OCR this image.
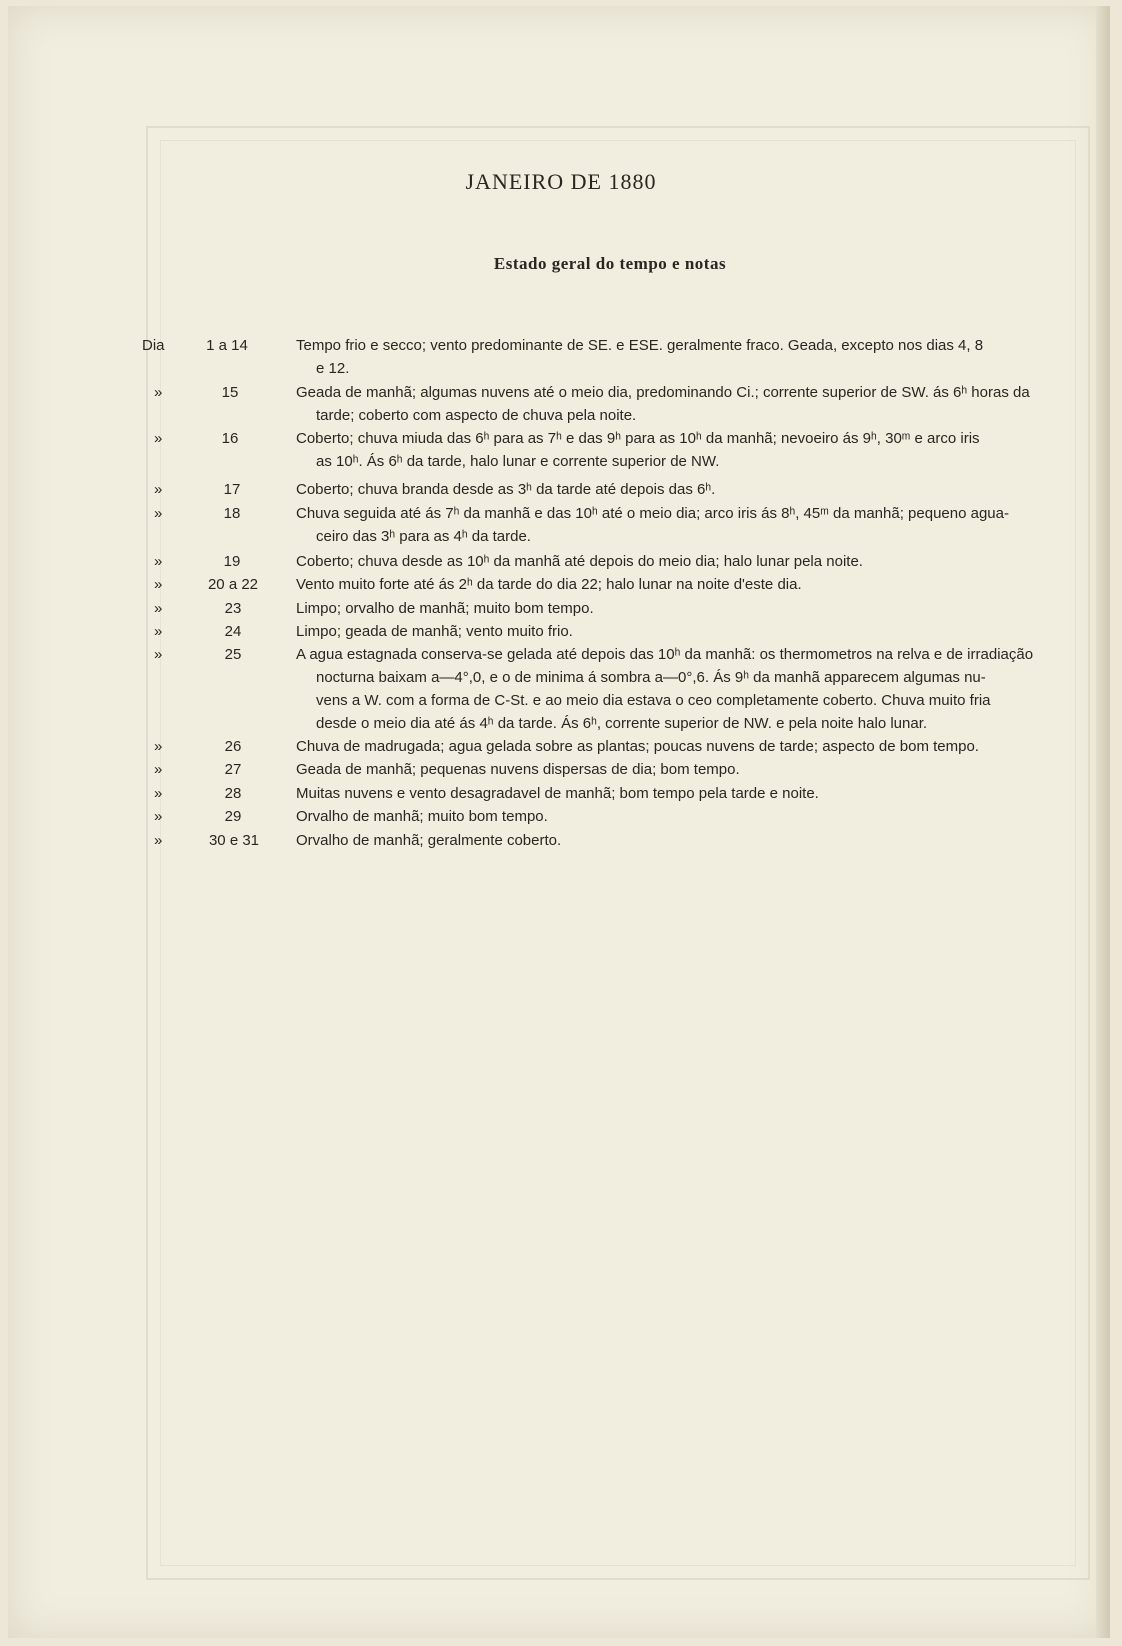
JANEIRO DE 1880
Estado geral do tempo e notas
Dia	1 a 14	Tempo frio e secco; vento predominante de SE. e ESE. geralmente fraco. Geada, excepto nos dias 4, 8

e 12.

»	15	Geada de manhã; algumas nuvens até o meio dia, predominando Ci.; corrente superior de SW. ás 6ʰ horas da

tarde; coberto com aspecto de chuva pela noite.

»	16	Coberto; chuva miuda das 6ʰ para as 7ʰ e das 9ʰ para as 10ʰ da manhã; nevoeiro ás 9ʰ, 30ᵐ e arco iris

as 10ʰ. Ás 6ʰ da tarde, halo lunar e corrente superior de NW.

»	17	Coberto; chuva branda desde as 3ʰ da tarde até depois das 6ʰ.

»	18	Chuva seguida até ás 7ʰ da manhã e das 10ʰ até o meio dia; arco iris ás 8ʰ, 45ᵐ da manhã; pequeno agua-

ceiro das 3ʰ para as 4ʰ da tarde.

»	19	Coberto; chuva desde as 10ʰ da manhã até depois do meio dia; halo lunar pela noite.

»	20 a 22	Vento muito forte até ás 2ʰ da tarde do dia 22; halo lunar na noite d'este dia.

»	23	Limpo; orvalho de manhã; muito bom tempo.

»	24	Limpo; geada de manhã; vento muito frio.

»	25	A agua estagnada conserva-se gelada até depois das 10ʰ da manhã: os thermometros na relva e de irradiação

nocturna baixam a—4°,0, e o de minima á sombra a—0°,6. Ás 9ʰ da manhã apparecem algumas nu-

vens a W. com a forma de C-St. e ao meio dia estava o ceo completamente coberto. Chuva muito fria

desde o meio dia até ás 4ʰ da tarde. Ás 6ʰ, corrente superior de NW. e pela noite halo lunar.

»	26	Chuva de madrugada; agua gelada sobre as plantas; poucas nuvens de tarde; aspecto de bom tempo.

»	27	Geada de manhã; pequenas nuvens dispersas de dia; bom tempo.

»	28	Muitas nuvens e vento desagradavel de manhã; bom tempo pela tarde e noite.

»	29	Orvalho de manhã; muito bom tempo.

»	30 e 31	Orvalho de manhã; geralmente coberto.
